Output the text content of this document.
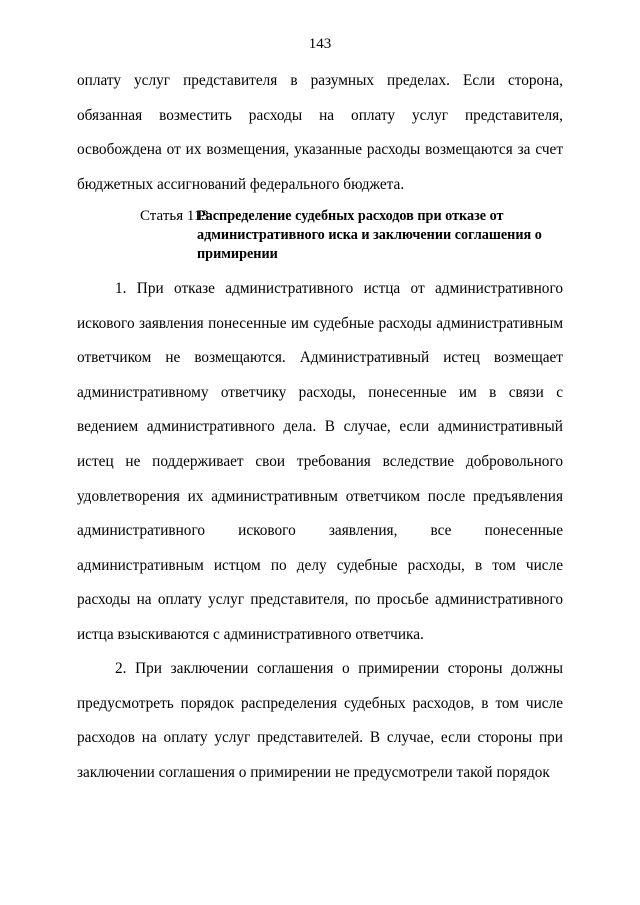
143

оплату услуг представителя в разумных пределах. Если сторона, обязанная возместить расходы на оплату услуг представителя, освобождена от их возмещения, указанные расходы возмещаются за счет бюджетных ассигнований федерального бюджета.

Статья 113.
Распределение судебных расходов при отказе от административного иска и заключении соглашения о примирении

1. При отказе административного истца от административного искового заявления понесенные им судебные расходы административным ответчиком не возмещаются. Административный истец возмещает административному ответчику расходы, понесенные им в связи с ведением административного дела. В случае, если административный истец не поддерживает свои требования вследствие добровольного удовлетворения их административным ответчиком после предъявления административного искового заявления, все понесенные административным истцом по делу судебные расходы, в том числе расходы на оплату услуг представителя, по просьбе административного истца взыскиваются с административного ответчика.

2. При заключении соглашения о примирении стороны должны предусмотреть порядок распределения судебных расходов, в том числе расходов на оплату услуг представителей. В случае, если стороны при заключении соглашения о примирении не предусмотрели такой порядок
